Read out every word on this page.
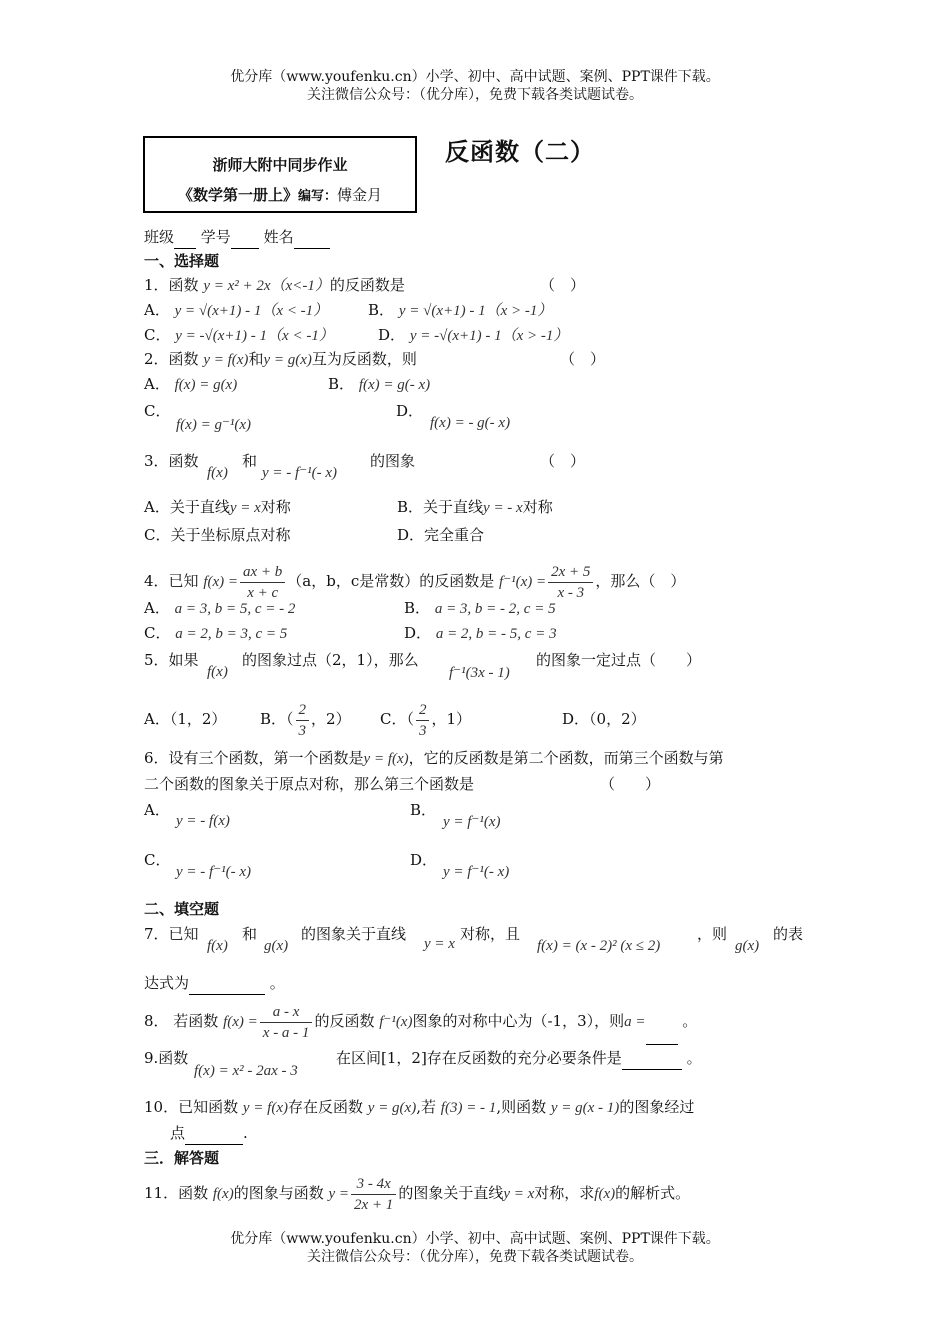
优分库（www.youfenku.cn）小学、初中、高中试题、案例、PPT课件下载。
关注微信公众号：（优分库），免费下载各类试题试卷。
浙师大附中同步作业
《数学第一册上》编写：傅金月
反函数（二）
班级 学号 姓名
一、选择题
1．函数 y = x² + 2x（x<-1）的反函数是	（　）
A． y = √(x+1) - 1（x < -1）	B． y = √(x+1) - 1（x > -1）
C． y = -√(x+1) - 1（x < -1）	D． y = -√(x+1) - 1（x > -1）
2．函数 y = f(x)和y = g(x)互为反函数，则	（　）
A． f(x) = g(x)	B． f(x) = g(- x)
C．
f(x) = g⁻¹(x)
D．
f(x) = - g(- x)
3．函数
f(x)
和
y = - f⁻¹(- x)
的图象	（　）
A．关于直线y = x对称	B．关于直线y = - x对称
C．关于坐标原点对称	D．完全重合
4．已知 $f(x) = \frac{ax + b}{x + c} (a$，b，c是常数）的反函数是 $f^{-1}(x) = \frac{2x + 5}{x - 3}$ ，那么（　）
A． a = 3, b = 5, c = - 2	B． a = 3, b = - 2, c = 5
C． a = 2, b = 3, c = 5	D． a = 2, b = - 5, c = 3
5．如果
f(x)
的图象过点（2，1），那么
f⁻¹(3x - 1)
的图象一定过点（　　）
A．（1，2） B．（ $\frac{2}{3}$ ，2） C．（ $\frac{2}{3}$ ，1）	D．（0，2）
6．设有三个函数，第一个函数是y = f(x)，它的反函数是第二个函数，而第三个函数与第
二个函数的图象关于原点对称，那么第三个函数是	（　　）
A．
y = - f(x)
B．
y = f⁻¹(x)
C．
y = - f⁻¹(- x)
D．
y = f⁻¹(- x)
二、填空题
7．已知
f(x)
和
g(x)
的图象关于直线
y = x
对称，且
f(x) = (x - 2)² (x ≤ 2)
，则
g(x)
的表
达式为	。
8． 若函数 $f(x) = \frac{a - x}{x - a - 1}$ 的反函数 f⁻¹(x)图象的对称中心为（-1，3），则a = 。
9.函数
f(x) = x² - 2ax - 3
在区间[1，2]存在反函数的充分必要条件是	。
10．已知函数 y = f(x)存在反函数 y = g(x),若 f(3) = - 1,则函数 y = g(x - 1)的图象经过
点	.
三．解答题
11．函数 f(x)的图象与函数 $y = \frac{3 - 4x}{2x + 1}$ 的图象关于直线y = x对称，求f(x)的解析式。
优分库（www.youfenku.cn）小学、初中、高中试题、案例、PPT课件下载。
关注微信公众号：（优分库），免费下载各类试题试卷。
